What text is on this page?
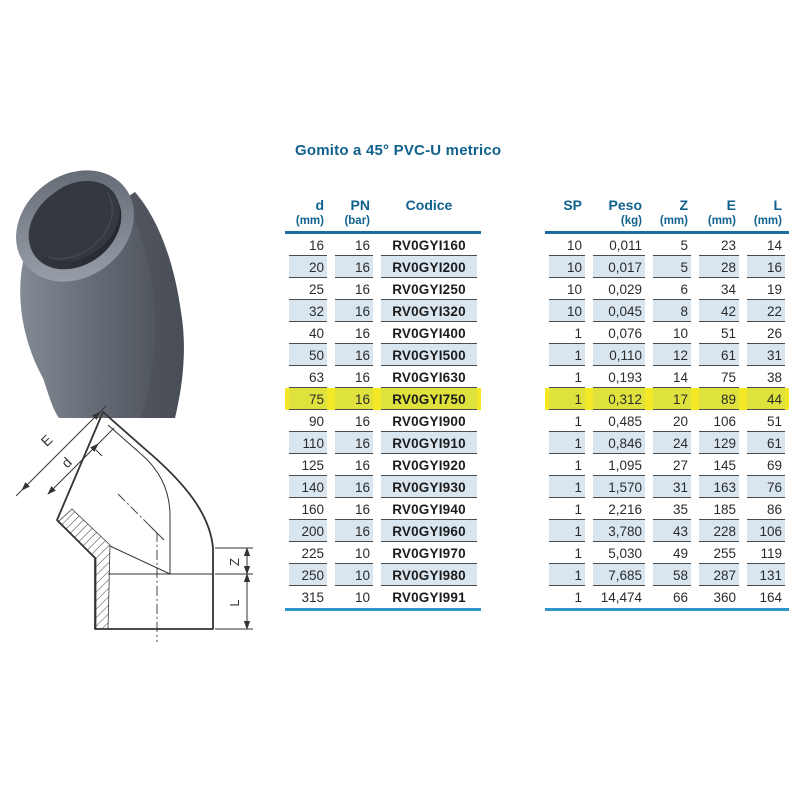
E
d
Z
L
Gomito a 45° PVC-U metrico
d	PN	Codice

(mm)	(bar)	

16	16	RV0GYI160

20	16	RV0GYI200

25	16	RV0GYI250

32	16	RV0GYI320

40	16	RV0GYI400

50	16	RV0GYI500

63	16	RV0GYI630

75	16	RV0GYI750

90	16	RV0GYI900

110	16	RV0GYI910

125	16	RV0GYI920

140	16	RV0GYI930

160	16	RV0GYI940

200	16	RV0GYI960

225	10	RV0GYI970

250	10	RV0GYI980

315	10	RV0GYI991
SP	Peso	Z	E	L

	(kg)	(mm)	(mm)	(mm)

10	0,011	5	23	14

10	0,017	5	28	16

10	0,029	6	34	19

10	0,045	8	42	22

1	0,076	10	51	26

1	0,110	12	61	31

1	0,193	14	75	38

1	0,312	17	89	44

1	0,485	20	106	51

1	0,846	24	129	61

1	1,095	27	145	69

1	1,570	31	163	76

1	2,216	35	185	86

1	3,780	43	228	106

1	5,030	49	255	119

1	7,685	58	287	131

1	14,474	66	360	164
